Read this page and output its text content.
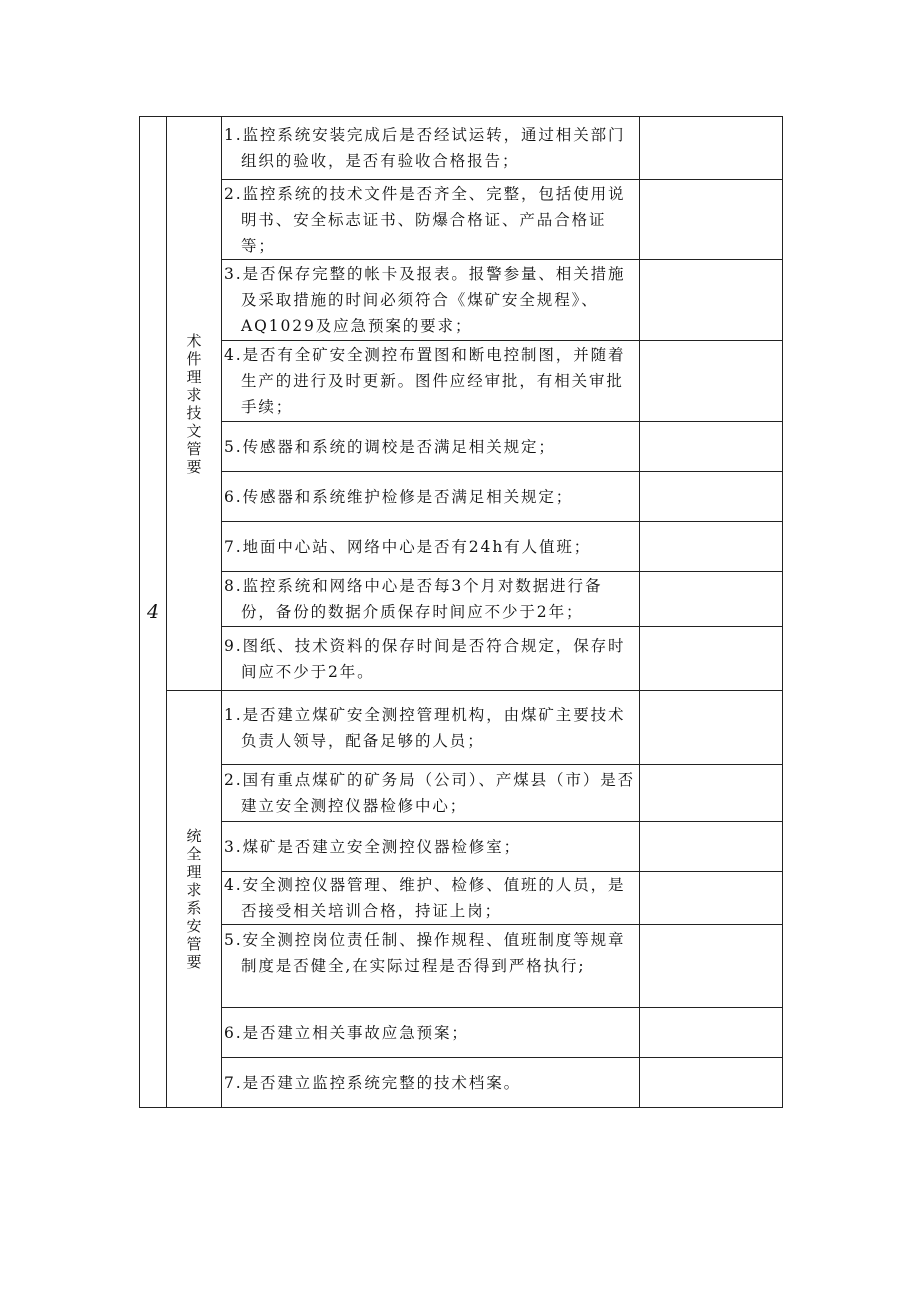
4	术件理求技文管要	1.监控系统安装完成后是否经试运转，通过相关部门组织的验收，是否有验收合格报告；	

		2.监控系统的技术文件是否齐全、完整，包括使用说明书、安全标志证书、防爆合格证、产品合格证等；	

		3.是否保存完整的帐卡及报表。报警参量、相关措施及采取措施的时间必须符合《煤矿安全规程》、AQ1029及应急预案的要求；	

		4.是否有全矿安全测控布置图和断电控制图，并随着生产的进行及时更新。图件应经审批，有相关审批手续；	

		5.传感器和系统的调校是否满足相关规定；	

		6.传感器和系统维护检修是否满足相关规定；	

		7.地面中心站、网络中心是否有24h有人值班；	

		8.监控系统和网络中心是否每3个月对数据进行备份，备份的数据介质保存时间应不少于2年；	

		9.图纸、技术资料的保存时间是否符合规定，保存时间应不少于2年。	

	统全理求系安管要	1.是否建立煤矿安全测控管理机构，由煤矿主要技术负责人领导，配备足够的人员；	

		2.国有重点煤矿的矿务局（公司）、产煤县（市）是否建立安全测控仪器检修中心；	

		3.煤矿是否建立安全测控仪器检修室；	

		4.安全测控仪器管理、维护、检修、值班的人员，是否接受相关培训合格，持证上岗；	

		5.安全测控岗位责任制、操作规程、值班制度等规章制度是否健全,在实际过程是否得到严格执行;	

		6.是否建立相关事故应急预案；	

		7.是否建立监控系统完整的技术档案。	
